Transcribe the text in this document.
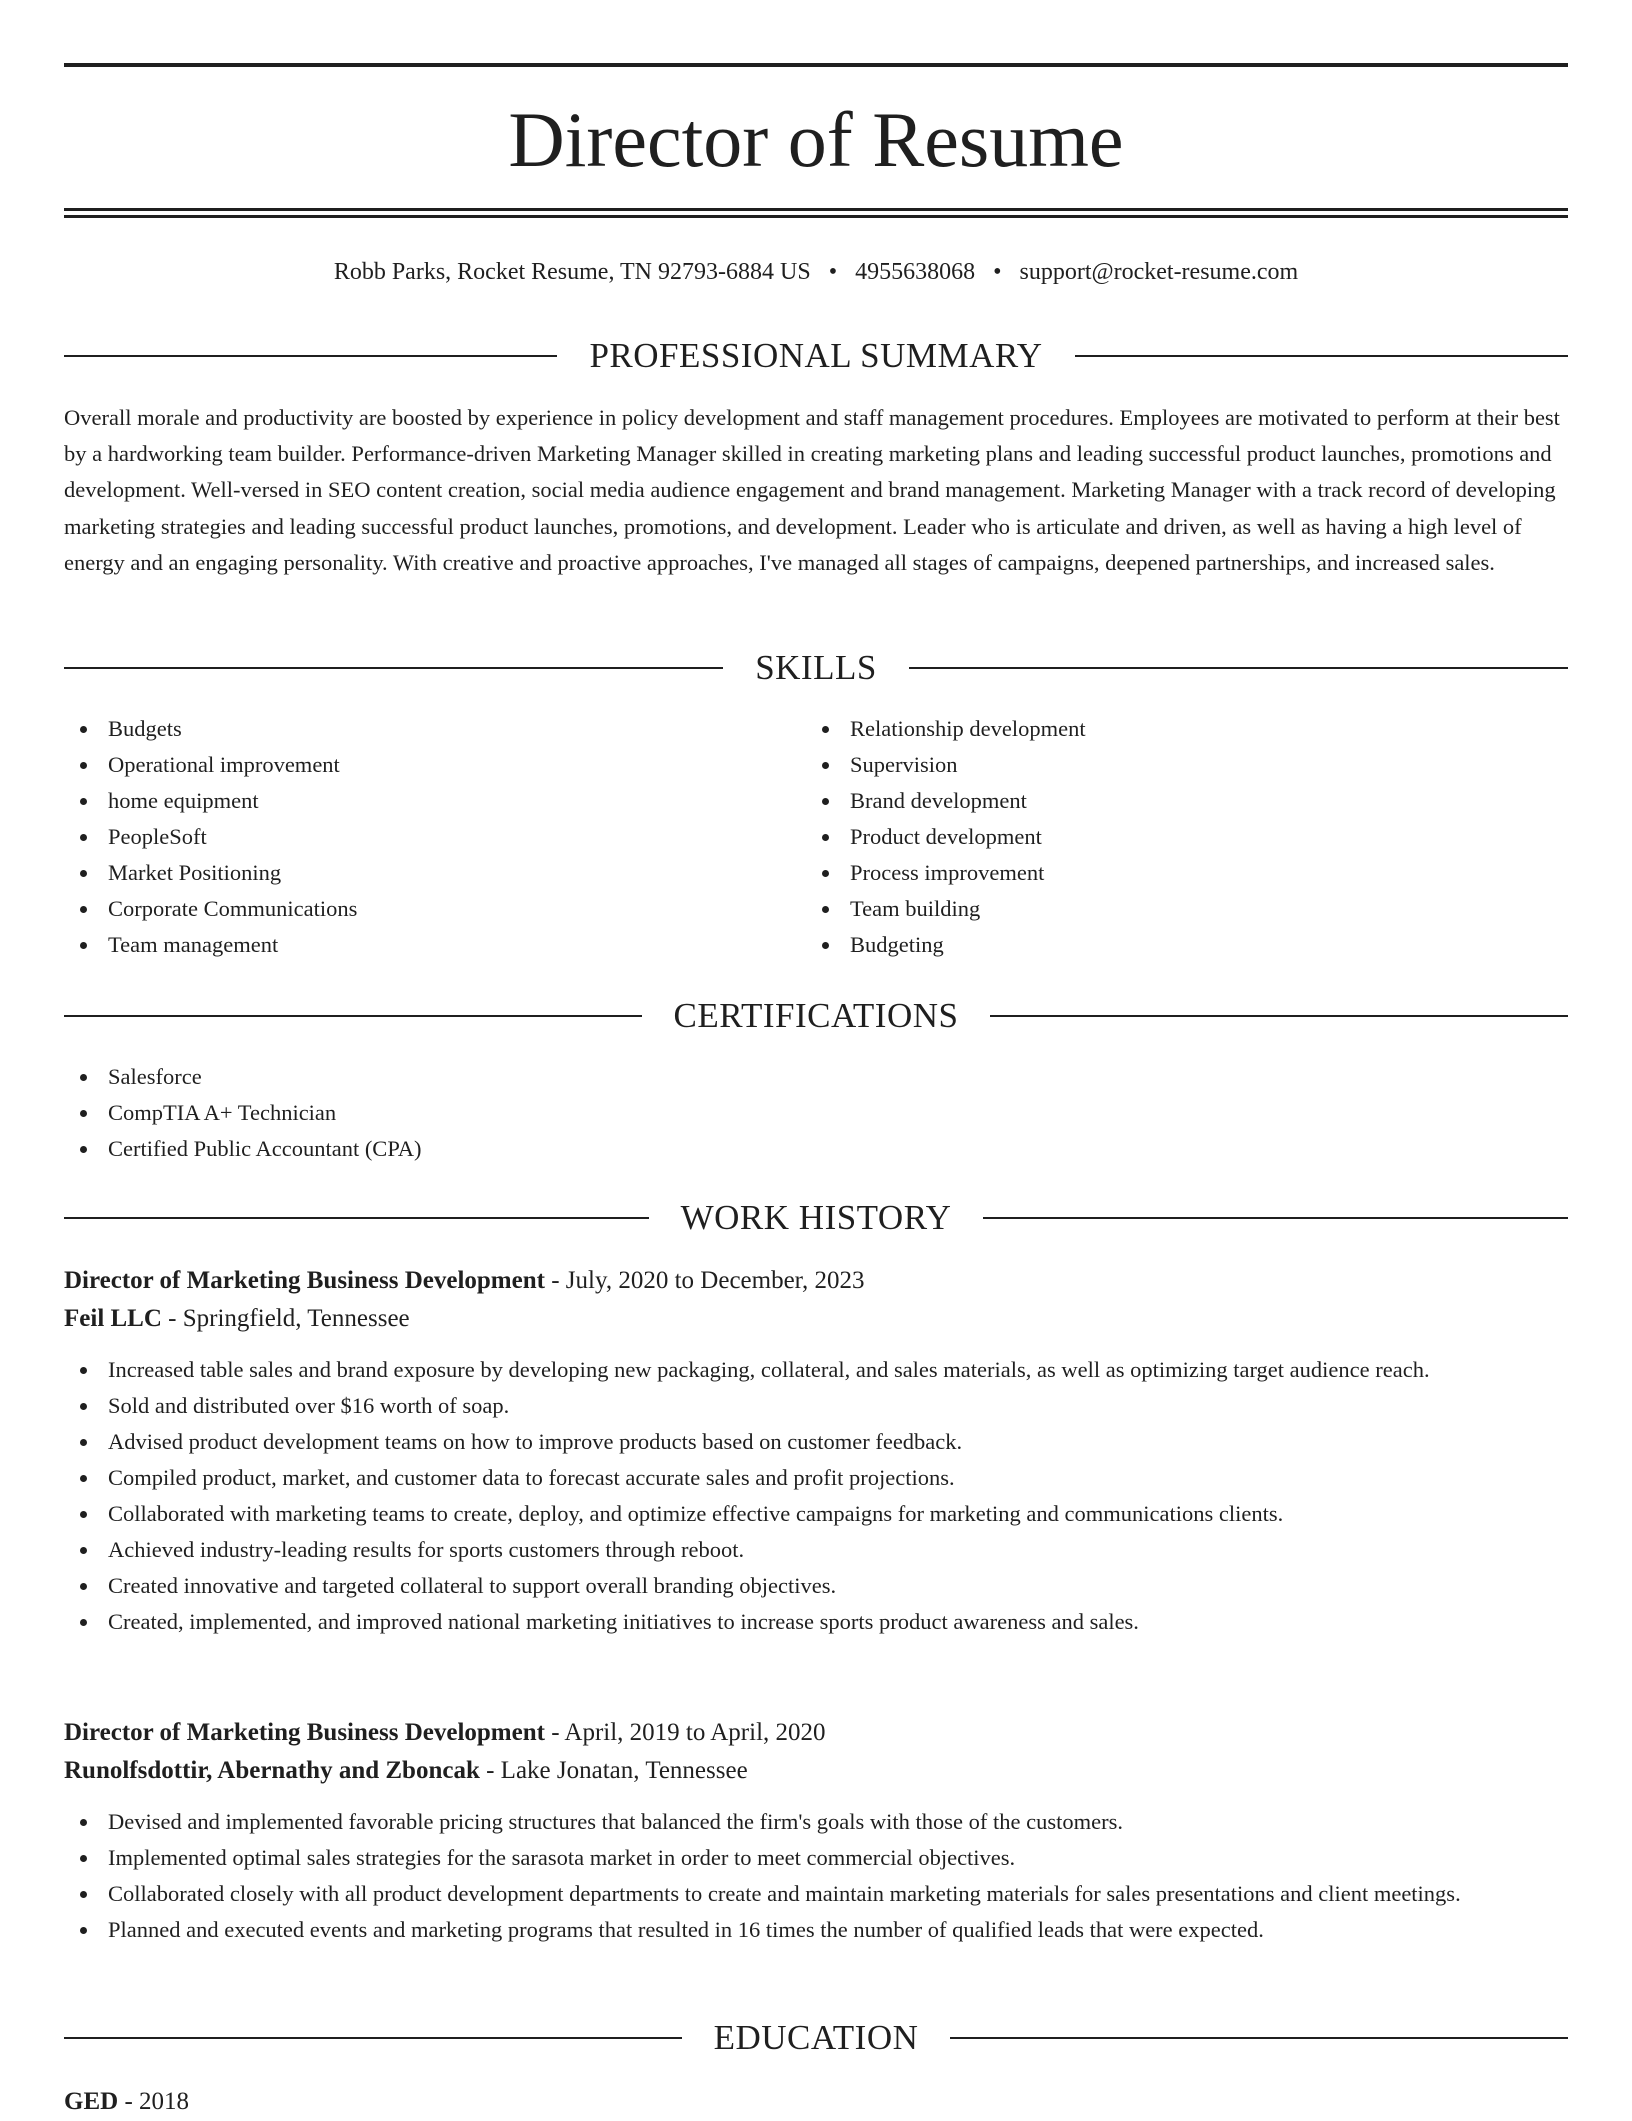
Director of Resume

Robb Parks, Rocket Resume, TN 92793-6884 US • 4955638068 • support@rocket-resume.com

PROFESSIONAL SUMMARY

Overall morale and productivity are boosted by experience in policy development and staff management procedures. Employees are motivated to perform at their best by a hardworking team builder. Performance-driven Marketing Manager skilled in creating marketing plans and leading successful product launches, promotions and development. Well-versed in SEO content creation, social media audience engagement and brand management. Marketing Manager with a track record of developing marketing strategies and leading successful product launches, promotions, and development. Leader who is articulate and driven, as well as having a high level of energy and an engaging personality. With creative and proactive approaches, I've managed all stages of campaigns, deepened partnerships, and increased sales.

SKILLS
Budgets
Operational improvement
home equipment
PeopleSoft
Market Positioning
Corporate Communications
Team management
Relationship development
Supervision
Brand development
Product development
Process improvement
Team building
Budgeting
CERTIFICATIONS
Salesforce
CompTIA A+ Technician
Certified Public Accountant (CPA)
WORK HISTORY

Director of Marketing Business Development - July, 2020 to December, 2023

Feil LLC - Springfield, Tennessee

Increased table sales and brand exposure by developing new packaging, collateral, and sales materials, as well as optimizing target audience reach.
Sold and distributed over $16 worth of soap.
Advised product development teams on how to improve products based on customer feedback.
Compiled product, market, and customer data to forecast accurate sales and profit projections.
Collaborated with marketing teams to create, deploy, and optimize effective campaigns for marketing and communications clients.
Achieved industry-leading results for sports customers through reboot.
Created innovative and targeted collateral to support overall branding objectives.
Created, implemented, and improved national marketing initiatives to increase sports product awareness and sales.

Director of Marketing Business Development - April, 2019 to April, 2020

Runolfsdottir, Abernathy and Zboncak - Lake Jonatan, Tennessee

Devised and implemented favorable pricing structures that balanced the firm's goals with those of the customers.
Implemented optimal sales strategies for the sarasota market in order to meet commercial objectives.
Collaborated closely with all product development departments to create and maintain marketing materials for sales presentations and client meetings.
Planned and executed events and marketing programs that resulted in 16 times the number of qualified leads that were expected.
EDUCATION

GED - 2018
